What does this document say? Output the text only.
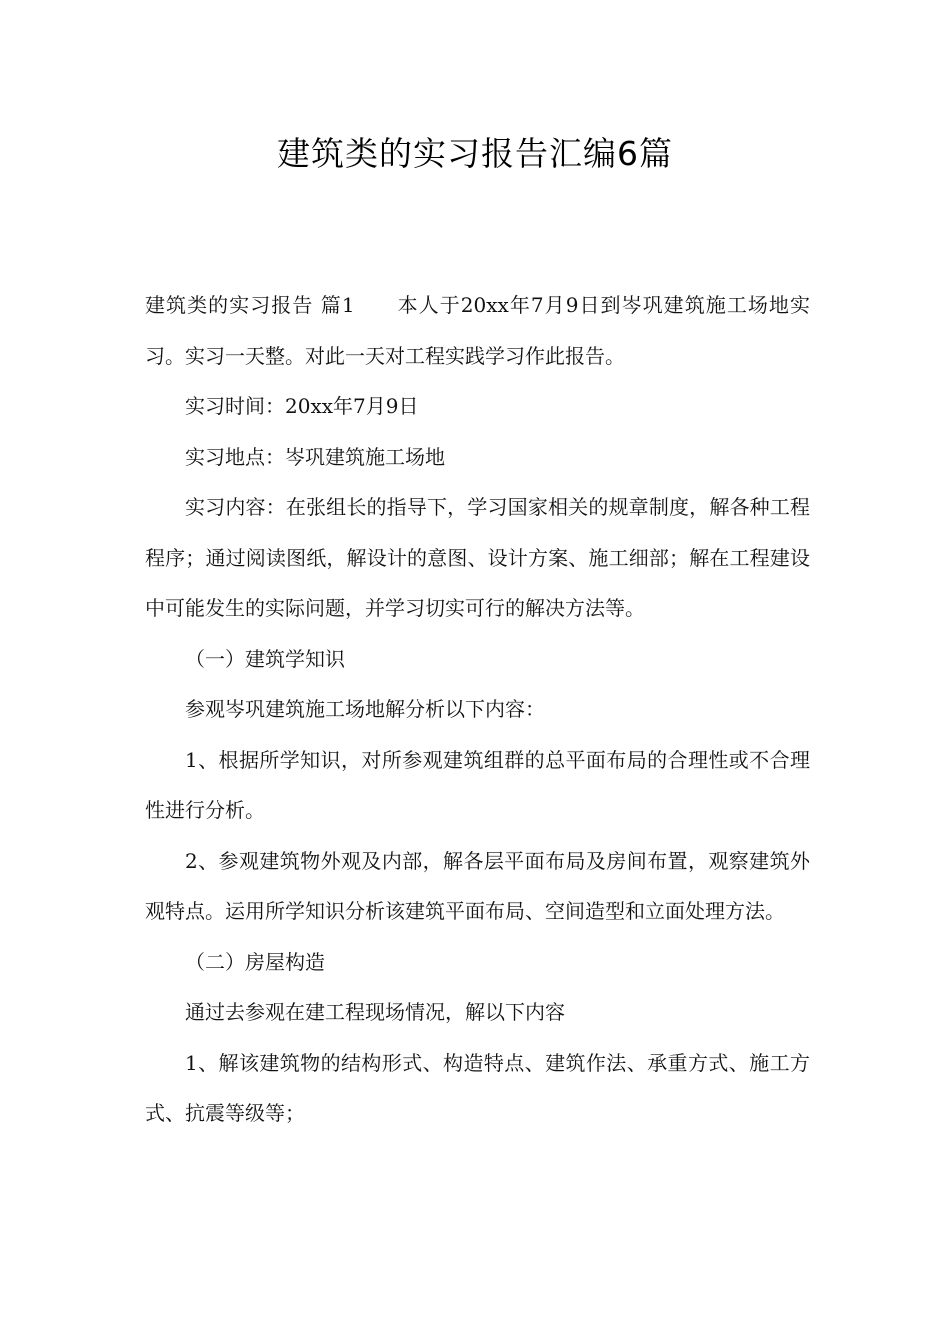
建筑类的实习报告汇编6篇

建筑类的实习报告 篇1 本人于20xx年7月9日到岑巩建筑施工场地实习。实习一天整。对此一天对工程实践学习作此报告。

实习时间：20xx年7月9日

实习地点：岑巩建筑施工场地

实习内容：在张组长的指导下，学习国家相关的规章制度，解各种工程程序；通过阅读图纸，解设计的意图、设计方案、施工细部；解在工程建设中可能发生的实际问题，并学习切实可行的解决方法等。

（一）建筑学知识

参观岑巩建筑施工场地解分析以下内容：

1、根据所学知识，对所参观建筑组群的总平面布局的合理性或不合理性进行分析。

2、参观建筑物外观及内部，解各层平面布局及房间布置，观察建筑外观特点。运用所学知识分析该建筑平面布局、空间造型和立面处理方法。

（二）房屋构造

通过去参观在建工程现场情况，解以下内容

1、解该建筑物的结构形式、构造特点、建筑作法、承重方式、施工方式、抗震等级等；
